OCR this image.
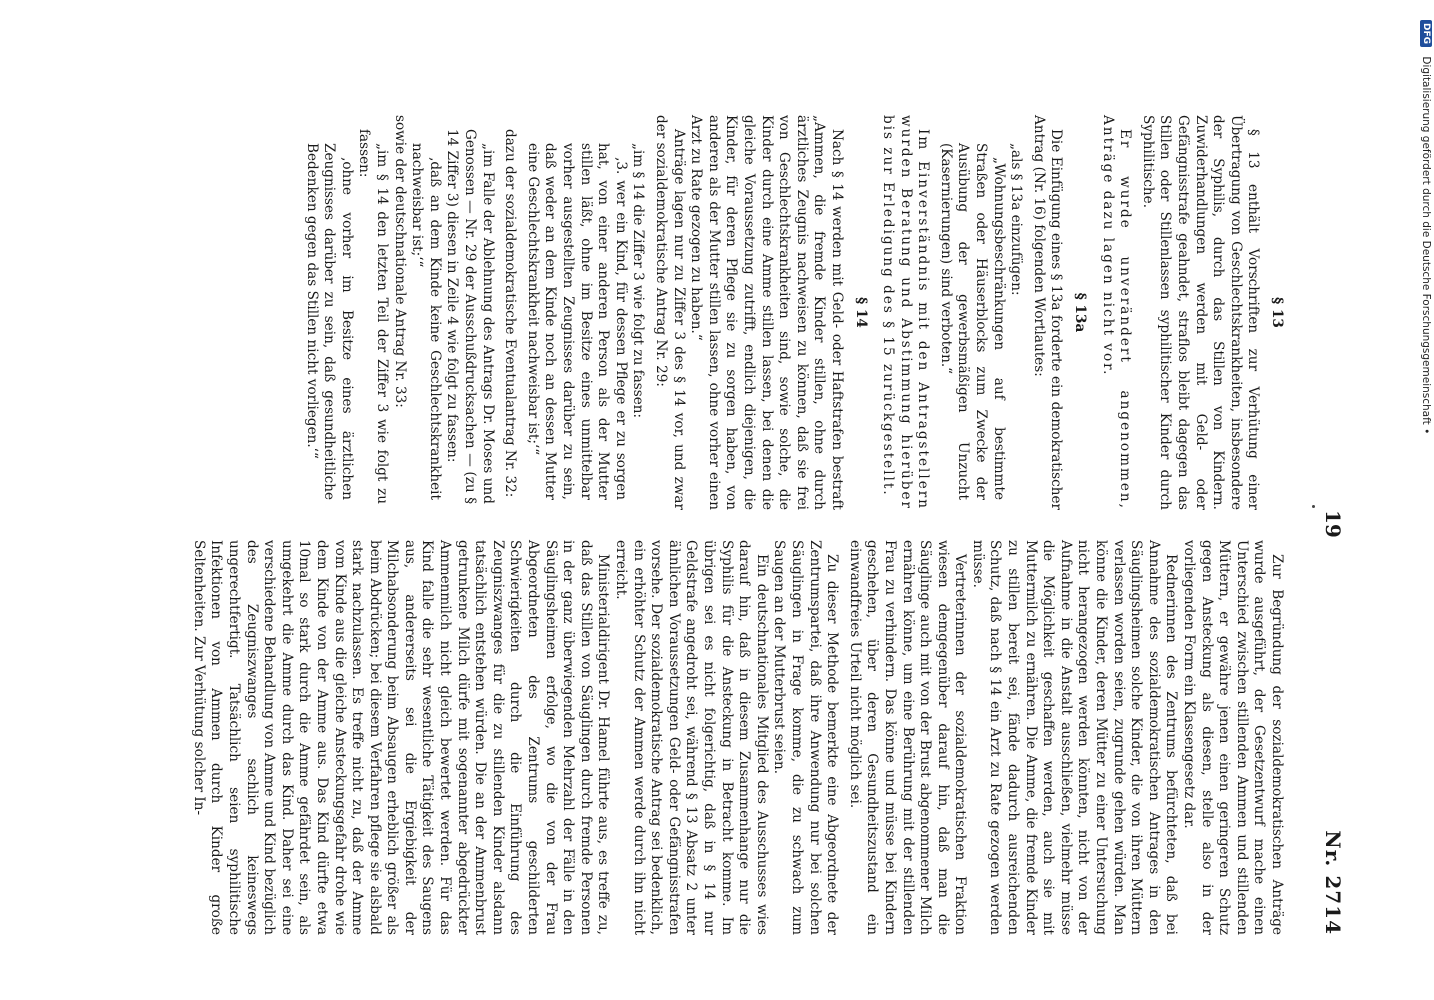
19
Nr. 2714
§ 13

§ 13 enthält Vorschriften zur Verhütung einer Übertragung von Geschlechtskrankheiten, insbesondere der Syphilis, durch das Stillen von Kindern. Zuwiderhandlungen werden mit Geld- oder Gefängnisstrafe geahndet, straflos bleibt dagegen das Stillen oder Stillenlassen syphilitischer Kinder durch Syphilitische.

Er wurde unverändert angenommen, Anträge dazu lagen nicht vor.

§ 13a

Die Einfügung eines § 13a forderte ein demokratischer Antrag (Nr. 16) folgenden Wortlautes:

„als § 13a einzufügen:

„Wohnungsbeschränkungen auf bestimmte Straßen oder Häuserblocks zum Zwecke der Ausübung der gewerbsmäßigen Unzucht (Kasernierungen) sind verboten.“

Im Einverständnis mit den Antragstellern wurden Beratung und Abstimmung hierüber bis zur Erledigung des § 15 zurückgestellt.

§ 14

Nach § 14 werden mit Geld- oder Haftstrafen bestraft „Ammen, die fremde Kinder stillen, ohne durch ärztliches Zeugnis nachweisen zu können, daß sie frei von Geschlechtskrankheiten sind, sowie solche, die Kinder durch eine Amme stillen lassen, bei denen die gleiche Voraussetzung zutrifft, endlich diejenigen, die Kinder, für deren Pflege sie zu sorgen haben, von anderen als der Mutter stillen lassen, ohne vorher einen Arzt zu Rate gezogen zu haben.“

Anträge lagen nur zu Ziffer 3 des § 14 vor, und zwar der sozialdemokratische Antrag Nr. 29:

„im § 14 die Ziffer 3 wie folgt zu fassen:

‚3. wer ein Kind, für dessen Pflege er zu sorgen hat, von einer anderen Person als der Mutter stillen läßt, ohne im Besitze eines unmittelbar vorher ausgestellten Zeugnisses darüber zu sein, daß weder an dem Kinde noch an dessen Mutter eine Geschlechtskrankheit nachweisbar ist;‘“

dazu der sozialdemokratische Eventualantrag Nr. 32:

„im Falle der Ablehnung des Antrags Dr. Moses und Genossen — Nr. 29 der Ausschußdrucksachen — (zu § 14 Ziffer 3) diesen in Zeile 4 wie folgt zu fassen:

‚daß an dem Kinde keine Geschlechtskrankheit nachweisbar ist;‘“

sowie der deutschnationale Antrag Nr. 33:

„im § 14 den letzten Teil der Ziffer 3 wie folgt zu fassen:

‚ohne vorher im Besitze eines ärztlichen Zeugnisses darüber zu sein, daß gesundheitliche Bedenken gegen das Stillen nicht vorliegen.‘“

Zur Begründung der sozialdemokratischen Anträge wurde ausgeführt, der Gesetzentwurf mache einen Unterschied zwischen stillenden Ammen und stillenden Müttern, er gewähre jenen einen geringeren Schutz gegen Ansteckung als diesen, stelle also in der vorliegenden Form ein Klassengesetz dar.

Rednerinnen des Zentrums befürchteten, daß bei Annahme des sozialdemokratischen Antrages in den Säuglingsheimen solche Kinder, die von ihren Müttern verlassen worden seien, zugrunde gehen würden. Man könne die Kinder, deren Mütter zu einer Untersuchung nicht herangezogen werden könnten, nicht von der Aufnahme in die Anstalt ausschließen, vielmehr müsse die Möglichkeit geschaffen werden, auch sie mit Muttermilch zu ernähren. Die Amme, die fremde Kinder zu stillen bereit sei, fände dadurch ausreichenden Schutz, daß nach § 14 ein Arzt zu Rate gezogen werden müsse.

Vertreterinnen der sozialdemokratischen Fraktion wiesen demgegenüber darauf hin, daß man die Säuglinge auch mit von der Brust abgenommener Milch ernähren könne, um eine Berührung mit der stillenden Frau zu verhindern. Das könne und müsse bei Kindern geschehen, über deren Gesundheitszustand ein einwandfreies Urteil nicht möglich sei.

Zu dieser Methode bemerkte eine Abgeordnete der Zentrumspartei, daß ihre Anwendung nur bei solchen Säuglingen in Frage komme, die zu schwach zum Saugen an der Mutterbrust seien.

Ein deutschnationales Mitglied des Ausschusses wies darauf hin, daß in diesem Zusammenhange nur die Syphilis für die Ansteckung in Betracht komme. Im übrigen sei es nicht folgerichtig, daß in § 14 nur Geldstrafe angedroht sei, während § 13 Absatz 2 unter ähnlichen Voraussetzungen Geld- oder Gefängnisstrafen vorsehe. Der sozialdemokratische Antrag sei bedenklich, ein erhöhter Schutz der Ammen werde durch ihn nicht erreicht.

Ministerialdirigent Dr. Hamel führte aus, es treffe zu, daß das Stillen von Säuglingen durch fremde Personen in der ganz überwiegenden Mehrzahl der Fälle in den Säuglingsheimen erfolge, wo die von der Frau Abgeordneten des Zentrums geschilderten Schwierigkeiten durch die Einführung des Zeugniszwanges für die zu stillenden Kinder alsdann tatsächlich entstehen würden. Die an der Ammenbrust getrunkene Milch dürfe mit sogenannter abgedrückter Ammenmilch nicht gleich bewertet werden. Für das Kind falle die sehr wesentliche Tätigkeit des Saugens aus, andererseits sei die Ergiebigkeit der Milchabsonderung beim Absaugen erheblich größer als beim Abdrücken; bei diesem Verfahren pflege sie alsbald stark nachzulassen. Es treffe nicht zu, daß der Amme vom Kinde aus die gleiche Ansteckungsgefahr drohe wie dem Kinde von der Amme aus. Das Kind dürfte etwa 10mal so stark durch die Amme gefährdet sein, als umgekehrt die Amme durch das Kind. Daher sei eine verschiedene Behandlung von Amme und Kind bezüglich des Zeugniszwanges sachlich keineswegs ungerechtfertigt. Tatsächlich seien syphilitische Infektionen von Ammen durch Kinder große Seltenheiten. Zur Verhütung solcher In-

DFG Digitalisierung gefördert durch die Deutsche Forschungsgemeinschaft •
